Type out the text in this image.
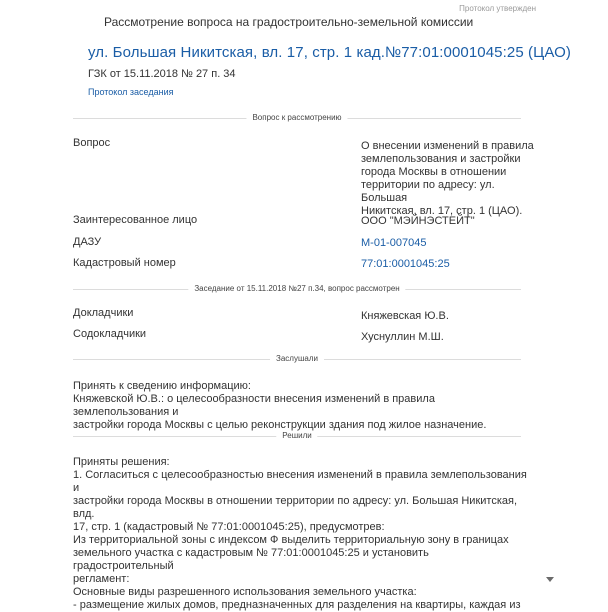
Рассмотрение вопроса на градостроительно-земельной комиссии
Протокол утвержден
ул. Большая Никитская, вл. 17, стр. 1 кад.№77:01:0001045:25 (ЦАО)
ГЗК от 15.11.2018 № 27 п. 34
Протокол заседания
Вопрос к рассмотрению
Вопрос	О внесении изменений в правила
землепользования и застройки
города Москвы в отношении
территории по адресу: ул. Большая
Никитская, вл. 17, стр. 1 (ЦАО).
Заинтересованное лицо	ООО "МЭЙНЭСТЕЙТ"
ДАЗУ	М-01-007045
Кадастровый номер	77:01:0001045:25
Заседание от 15.11.2018 №27 п.34, вопрос рассмотрен
Докладчики	Княжевская Ю.В.
Содокладчики	Хуснуллин М.Ш.
Заслушали
Принять к сведению информацию:
Княжевской Ю.В.: о целесообразности внесения изменений в правила землепользования и
застройки города Москвы с целью реконструкции здания под жилое назначение.
Решили
Приняты решения:
1. Согласиться с целесообразностью внесения изменений в правила землепользования и
застройки города Москвы в отношении территории по адресу: ул. Большая Никитская, влд.
17, стр. 1 (кадастровый № 77:01:0001045:25), предусмотрев:
Из территориальной зоны с индексом Ф выделить территориальную зону в границах
земельного участка с кадастровым № 77:01:0001045:25 и установить градостроительный
регламент:
Основные виды разрешенного использования земельного участка:
- размещение жилых домов, предназначенных для разделения на квартиры, каждая из
